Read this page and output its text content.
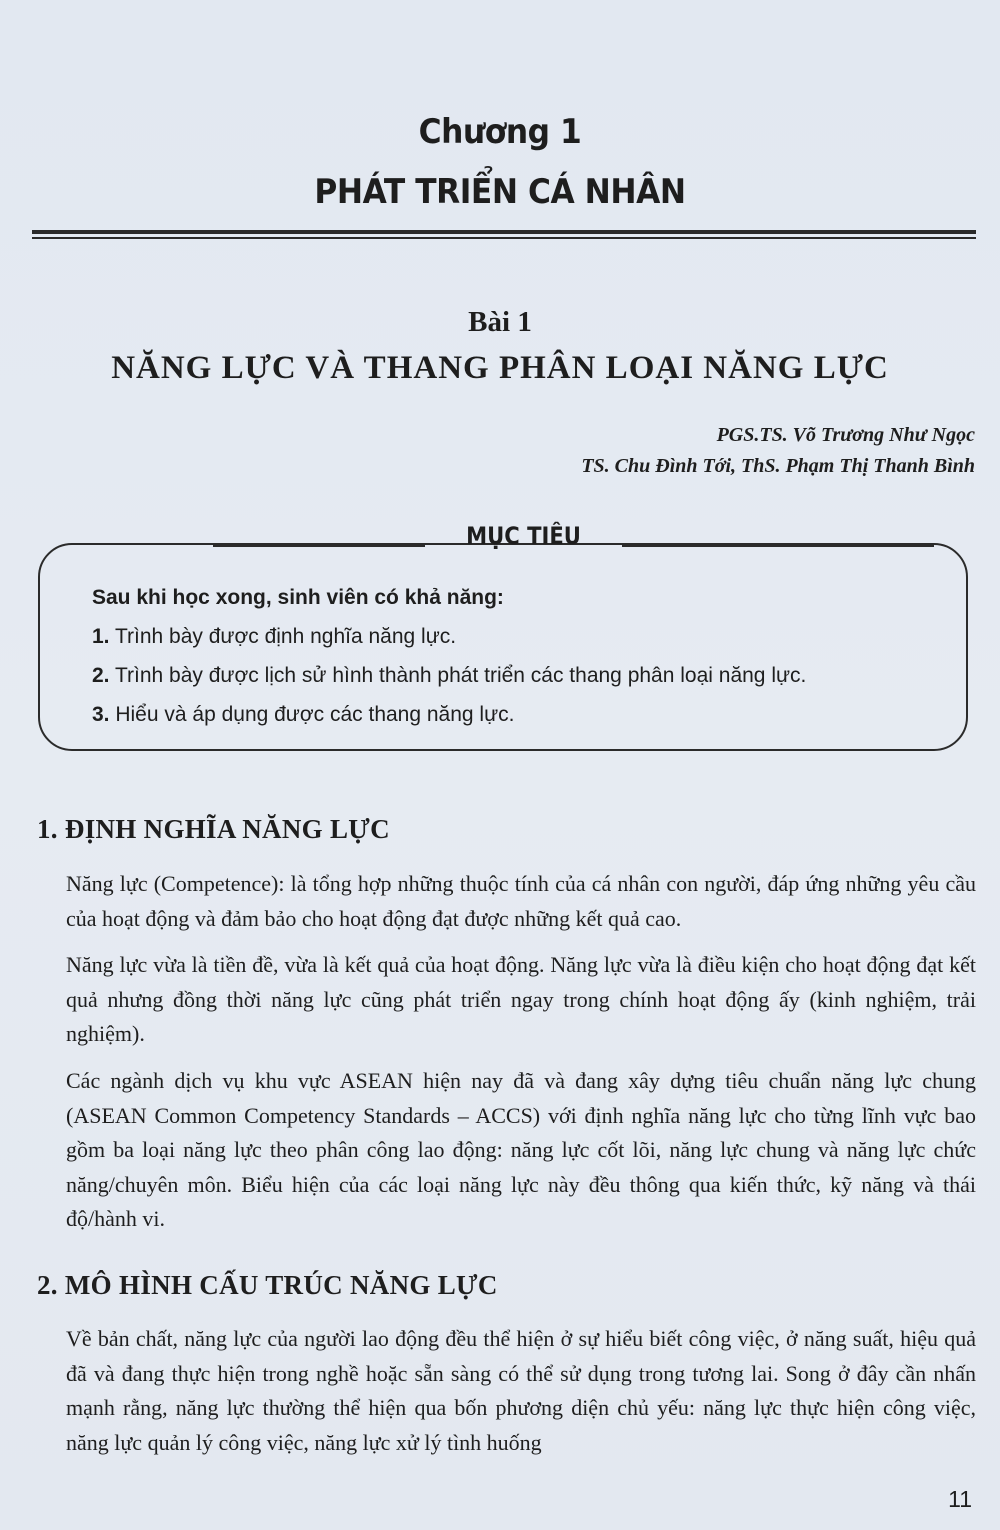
Chương 1
PHÁT TRIỂN CÁ NHÂN
Bài 1
NĂNG LỰC VÀ THANG PHÂN LOẠI NĂNG LỰC
PGS.TS. Võ Trương Như Ngọc
TS. Chu Đình Tới, ThS. Phạm Thị Thanh Bình
MỤC TIÊU
Sau khi học xong, sinh viên có khả năng:
1. Trình bày được định nghĩa năng lực.
2. Trình bày được lịch sử hình thành phát triển các thang phân loại năng lực.
3. Hiểu và áp dụng được các thang năng lực.
1. ĐỊNH NGHĨA NĂNG LỰC

Năng lực (Competence): là tổng hợp những thuộc tính của cá nhân con người, đáp ứng những yêu cầu của hoạt động và đảm bảo cho hoạt động đạt được những kết quả cao.

Năng lực vừa là tiền đề, vừa là kết quả của hoạt động. Năng lực vừa là điều kiện cho hoạt động đạt kết quả nhưng đồng thời năng lực cũng phát triển ngay trong chính hoạt động ấy (kinh nghiệm, trải nghiệm).

Các ngành dịch vụ khu vực ASEAN hiện nay đã và đang xây dựng tiêu chuẩn năng lực chung (ASEAN Common Competency Standards – ACCS) với định nghĩa năng lực cho từng lĩnh vực bao gồm ba loại năng lực theo phân công lao động: năng lực cốt lõi, năng lực chung và năng lực chức năng/chuyên môn. Biểu hiện của các loại năng lực này đều thông qua kiến thức, kỹ năng và thái độ/hành vi.

2. MÔ HÌNH CẤU TRÚC NĂNG LỰC

Về bản chất, năng lực của người lao động đều thể hiện ở sự hiểu biết công việc, ở năng suất, hiệu quả đã và đang thực hiện trong nghề hoặc sẵn sàng có thể sử dụng trong tương lai. Song ở đây cần nhấn mạnh rằng, năng lực thường thể hiện qua bốn phương diện chủ yếu: năng lực thực hiện công việc, năng lực quản lý công việc, năng lực xử lý tình huống

11
